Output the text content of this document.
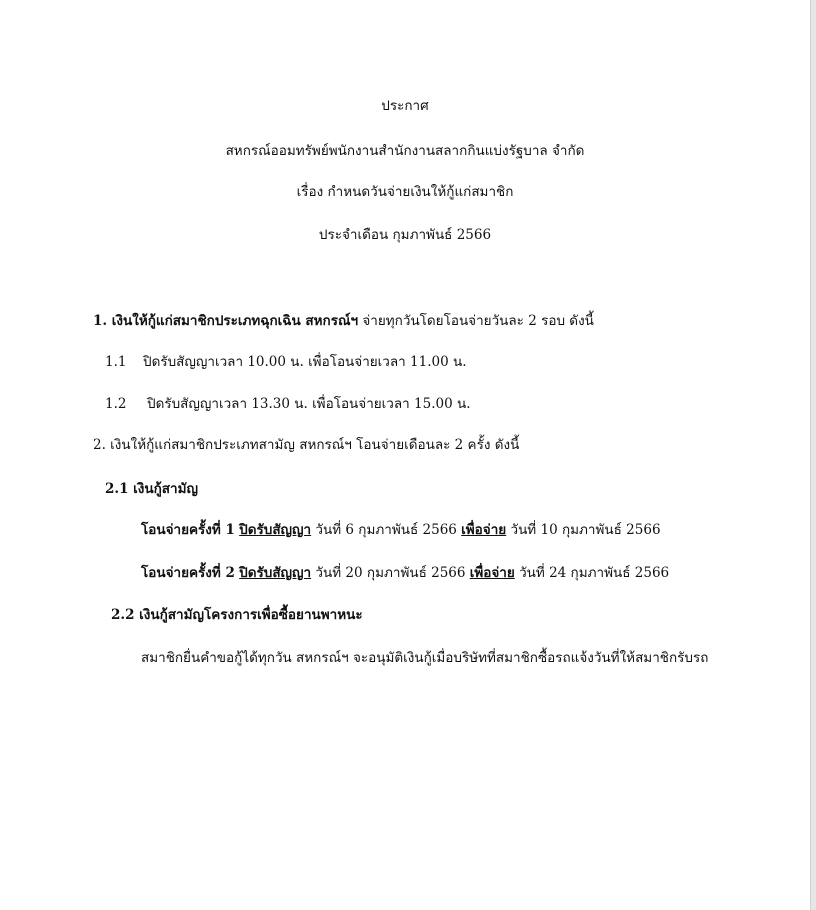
ประกาศ
สหกรณ์ออมทรัพย์พนักงานสำนักงานสลากกินแบ่งรัฐบาล จำกัด
เรื่อง กำหนดวันจ่ายเงินให้กู้แก่สมาชิก
ประจำเดือน กุมภาพันธ์ 2566
1. เงินให้กู้แก่สมาชิกประเภทฉุกเฉิน สหกรณ์ฯ จ่ายทุกวันโดยโอนจ่ายวันละ 2 รอบ ดังนี้
1.1 ปิดรับสัญญาเวลา 10.00 น. เพื่อโอนจ่ายเวลา 11.00 น.
1.2 ปิดรับสัญญาเวลา 13.30 น. เพื่อโอนจ่ายเวลา 15.00 น.
2. เงินให้กู้แก่สมาชิกประเภทสามัญ สหกรณ์ฯ โอนจ่ายเดือนละ 2 ครั้ง ดังนี้
2.1 เงินกู้สามัญ
โอนจ่ายครั้งที่ 1 ปิดรับสัญญา วันที่ 6 กุมภาพันธ์ 2566 เพื่อจ่าย วันที่ 10 กุมภาพันธ์ 2566
โอนจ่ายครั้งที่ 2 ปิดรับสัญญา วันที่ 20 กุมภาพันธ์ 2566 เพื่อจ่าย วันที่ 24 กุมภาพันธ์ 2566
2.2 เงินกู้สามัญโครงการเพื่อซื้อยานพาหนะ
สมาชิกยื่นคำขอกู้ได้ทุกวัน สหกรณ์ฯ จะอนุมัติเงินกู้เมื่อบริษัทที่สมาชิกซื้อรถแจ้งวันที่ให้สมาชิกรับรถ
